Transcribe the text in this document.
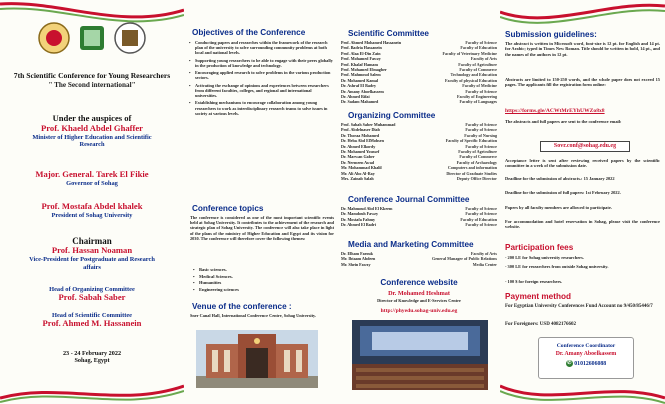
7th Scientific Conference for Young Researchers
" The Second international"
Under the auspices of
Prof. Khaeld Abdel Ghaffer
Minister of Higher Education and Scientific Research
Major. General. Tarek El Fikie
Governor of Sohag
Prof. Mostafa Abdel khalek
President of Sohag University
Chairman
Prof. Hassan Noaman
Vice-President for Postgraduate and Research affairs
Head of Organizing Committee
Prof. Sabah Saber
Head of Scientific Committee
Prof. Ahmed M. Hassanein
23 - 24 February 2022
Sohag, Egypt
Objectives of the Conference
• Conducting papers and researches within the framework of the research plan of the university to solve surrounding community problems at both local and national levels.
• Supporting young researchers to be able to engage with their peers globally in the production of knowledge and technology.
• Encouraging applied research to solve problems in the various production sectors.
• Activating the exchange of opinions and experiences between researchers from different faculties, colleges, and regional and international universities.
• Establishing mechanisms to encourage collaboration among young researchers to work as interdisciplinary research teams to solve issues in society at various levels.
Conference topics
The conference is considered as one of the most important scientific events held at Sohag University. It contributes to the achievement of the research and strategic plan of Sohag University. The conference will also take place in light of the plans of the ministry of Higher Education and Egypt and its vision for 2030. The conference will therefore cover the following themes:
• Basic sciences.
• Medical Sciences.
• Humanities
• Engineering sciences
Venue of the conference :
Sner Canal Hall, International Conference Centre, Sohag University.
Scientific Committee
Prof. Ahmed Mohamed Hassanein	Faculty of Science
Prof. Badria Hassanein	Faculty of Education
Prof. Alaa El-Din Zain	Faculty of Veterinary Medicine
Prof. Mohamed Fawzy	Faculty of Arts
Prof. Khalaf Hamam	Faculty of Agriculture
Prof. Mohamed Elmagber	Faculty of Commerce
Prof. Mahmoud Salem	Technology and Education
Dr. Mohamed Kamal	Faculty of physical Education
Dr. Ashraf El Badry	Faculty of Medicine
Dr. Amany Aboelkassem	Faculty of Science
Dr. Ahmed Rifai	Faculty of Engineering
Dr. Sadam Mahamed	Faculty of Languages
Organizing Committee
Prof. Sabah Saber Muhammad	Faculty of Science
Prof. Abdelnaser Diab	Faculty of Science
Dr. Thoraa Mohamed	Faculty of Nursing
Dr. Heba Abd ElMohsen	Faculty of Specific Education
Dr. Ahmed Elkordy	Faculty of Science
Dr. Mohamed Youssef	Faculty of Agriculture
Dr. Marwan Gaber	Faculty of Commerce
Dr. Nermeen Awad	Faculty of Archaeology
Mr. Mohammad Khalil	Computers and information
Mr. Ali Abo Al-Ray	Director of Graduate Studies
Mrs. Zainab Salah	Deputy Office Director
Conference Journal Committee
Dr. Mahmoud Abd El Kkeem	Faculty of Science
Dr. Mamdouh Fawzy	Faculty of Science
Dr. Mostafa Fahmy	Faculty of Education
Dr. Ahmed El Badri	Faculty of Science
Media and Marketing Committee
Dr. Elham Farouk	Faculty of Arts
Mr. Ibtaam Abdeen	General Manager of Public Relations
Mr. Shein Fawzy	Media Center
Conference website
Dr. Mohamed Heshmat
Director of Knowledge and E-Services Centre
http://phyedu.sohag-univ.edu.eg
Submission guidelines:
The abstract is written in Microsoft word, font-size is 12 pt. for English and 14 pt. for Arabic; typed in Times New Roman. Title should be written in bold, 14 pt., and the names of the authors in 12 pt.
Abstracts are limited to 150-250 words, and the whole paper does not exceed 15 pages. The applicants fill the registration form online:
https://forms.gle/ACWtMrEYhUWZo8x8
The abstracts and full papers are sent to the conference email:
Sovr.conf@sohag.edu.eg
Acceptance letter is sent after reviewing received papers by the scientific committee in a week of the submission date.
Deadline for the submission of abstracts.: 15 January 2022
Deadline for the submission of full papers: 1st February 2022.
Papers by all faculty members are allowed to participate.
For accommodation and hotel reservation in Sohag, please visit the conference website.
Participation fees
- 200 LE for Sohag university researchers.
- 300 LE for researchers from outside Sohag university.
- 100 $ for foreign researchers.
Payment method
For Egyptian University Conferences Fund Account no 9/450/85446/7
For Foreigners: USD 4082176602
Conference Coordinator
Dr. Amany Aboelkassem
✆ 01012606088
